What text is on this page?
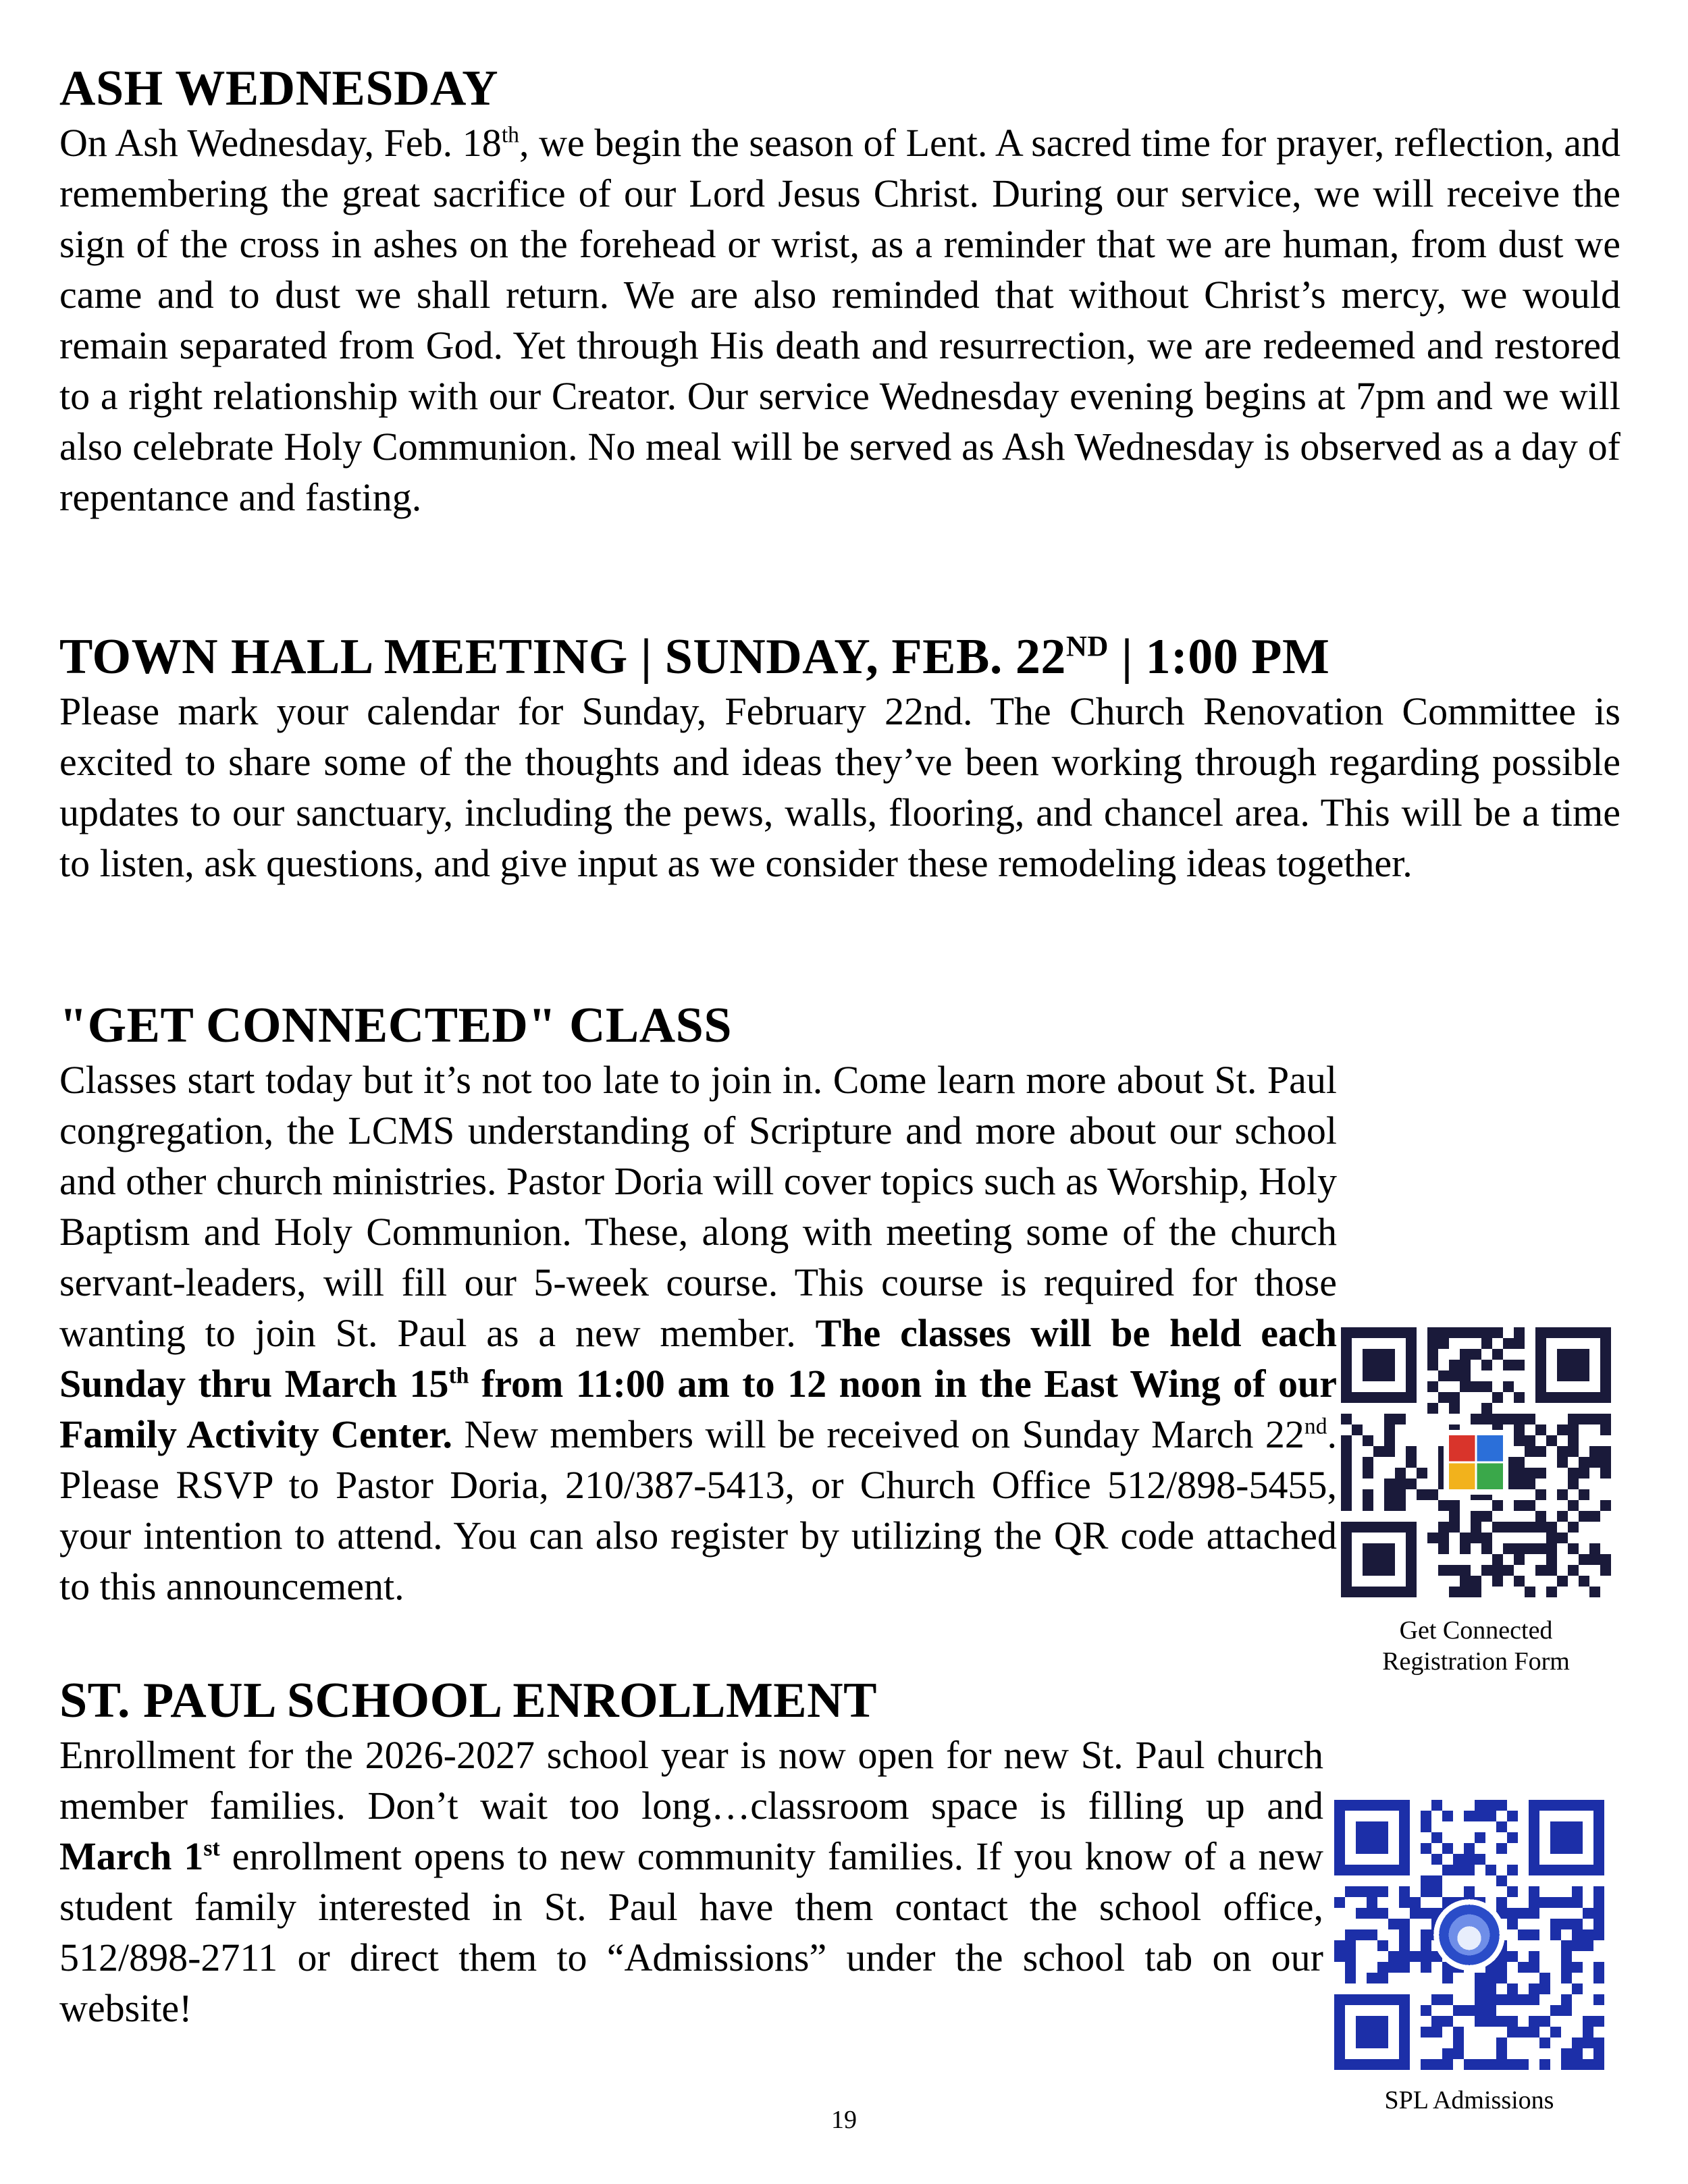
ASH WEDNESDAY

On Ash Wednesday, Feb. 18th, we begin the season of Lent. A sacred time for prayer, reflection, and remembering the great sacrifice of our Lord Jesus Christ. During our service, we will receive the sign of the cross in ashes on the forehead or wrist, as a reminder that we are human, from dust we came and to dust we shall return. We are also reminded that without Christ’s mercy, we would remain separated from God. Yet through His death and resurrection, we are redeemed and restored to a right relationship with our Creator. Our service Wednesday evening begins at 7pm and we will also celebrate Holy Communion. No meal will be served as Ash Wednesday is observed as a day of repentance and fasting.

TOWN HALL MEETING | SUNDAY, FEB. 22ND | 1:00 PM

Please mark your calendar for Sunday, February 22nd. The Church Renovation Committee is excited to share some of the thoughts and ideas they’ve been working through regarding possible updates to our sanctuary, including the pews, walls, flooring, and chancel area. This will be a time to listen, ask questions, and give input as we consider these remodeling ideas together.

"GET CONNECTED" CLASS

Classes start today but it’s not too late to join in. Come learn more about St. Paul congregation, the LCMS understanding of Scripture and more about our school and other church ministries. Pastor Doria will cover topics such as Worship, Holy Baptism and Holy Communion. These, along with meeting some of the church servant-leaders, will fill our 5-week course. This course is required for those wanting to join St. Paul as a new member. The classes will be held each Sunday thru March 15th from 11:00 am to 12 noon in the East Wing of our Family Activity Center. New members will be received on Sunday March 22nd. Please RSVP to Pastor Doria, 210/387-5413, or Church Office 512/898-5455, your intention to attend. You can also register by utilizing the QR code attached to this announcement.

ST. PAUL SCHOOL ENROLLMENT

Enrollment for the 2026-2027 school year is now open for new St. Paul church member families. Don’t wait too long…classroom space is filling up and March 1st enrollment opens to new community families. If you know of a new student family interested in St. Paul have them contact the school office, 512/898-2711 or direct them to “Admissions” under the school tab on our website!

Get Connected
Registration Form
SPL Admissions
19
